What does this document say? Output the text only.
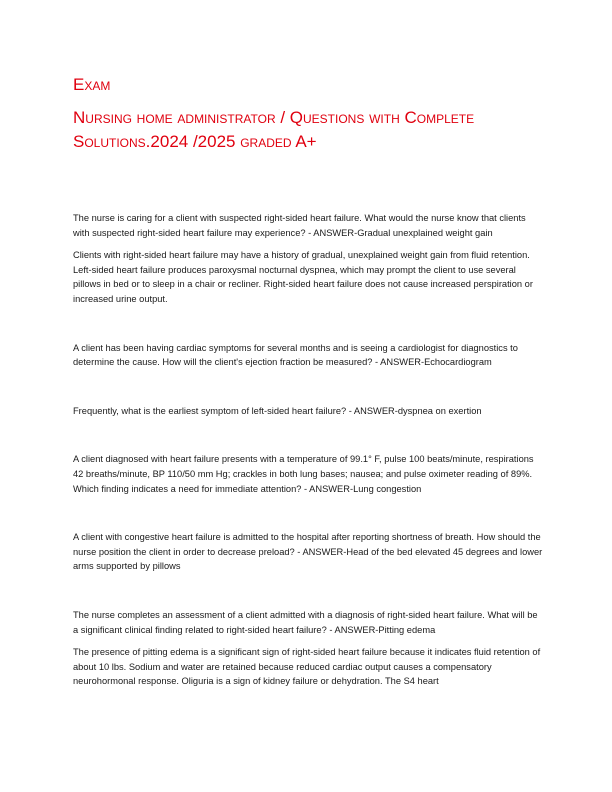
Exam

Nursing home administrator / Questions with Complete

Solutions.2024 /2025 graded A+

The nurse is caring for a client with suspected right-sided heart failure. What would the nurse know that clients with suspected right-sided heart failure may experience? - ANSWER-Gradual unexplained weight gain

Clients with right-sided heart failure may have a history of gradual, unexplained weight gain from fluid retention. Left-sided heart failure produces paroxysmal nocturnal dyspnea, which may prompt the client to use several pillows in bed or to sleep in a chair or recliner. Right-sided heart failure does not cause increased perspiration or increased urine output.

A client has been having cardiac symptoms for several months and is seeing a cardiologist for diagnostics to determine the cause. How will the client's ejection fraction be measured? - ANSWER-Echocardiogram

Frequently, what is the earliest symptom of left-sided heart failure? - ANSWER-dyspnea on exertion

A client diagnosed with heart failure presents with a temperature of 99.1° F, pulse 100 beats/minute, respirations 42 breaths/minute, BP 110/50 mm Hg; crackles in both lung bases; nausea; and pulse oximeter reading of 89%. Which finding indicates a need for immediate attention? - ANSWER-Lung congestion

A client with congestive heart failure is admitted to the hospital after reporting shortness of breath. How should the nurse position the client in order to decrease preload? - ANSWER-Head of the bed elevated 45 degrees and lower arms supported by pillows

The nurse completes an assessment of a client admitted with a diagnosis of right-sided heart failure. What will be a significant clinical finding related to right-sided heart failure? - ANSWER-Pitting edema

The presence of pitting edema is a significant sign of right-sided heart failure because it indicates fluid retention of about 10 lbs. Sodium and water are retained because reduced cardiac output causes a compensatory neurohormonal response. Oliguria is a sign of kidney failure or dehydration. The S4 heart
